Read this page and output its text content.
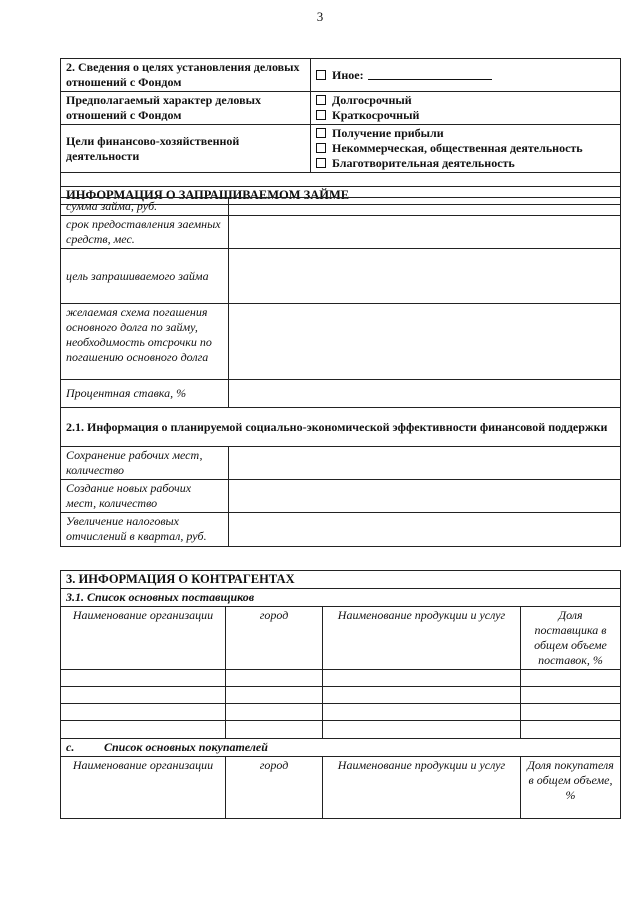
3
2. Сведения о целях установления деловых отношений с Фондом	Иное:
Предполагаемый характер деловых отношений с Фондом	Долгосрочный
Краткосрочный

Цели финансово-хозяйственной деятельности	Получение прибыли
Некоммерческая, общественная деятельность
Благотворительная деятельность

ИНФОРМАЦИЯ О ЗАПРАШИВАЕМОМ ЗАЙМЕ	
сумма займа, руб.	
срок предоставления заемных средств, мес.	
цель запрашиваемого займа	
желаемая схема погашения основного долга по займу, необходимость отсрочки по погашению основного долга	
Процентная ставка, %	
2.1. Информация о планируемой социально-экономической эффективности финансовой поддержки	
Сохранение рабочих мест, количество	
Создание новых рабочих мест, количество	
Увеличение налоговых отчислений в квартал, руб.	
3. ИНФОРМАЦИЯ О КОНТРАГЕНТАХ			
3.1. Список основных поставщиков			
Наименование организации	город	Наименование продукции и услуг	Доля поставщика в общем объеме поставок, %

c. Список основных покупателей			
Наименование организации	город	Наименование продукции и услуг	Доля покупателя в общем объеме, %
